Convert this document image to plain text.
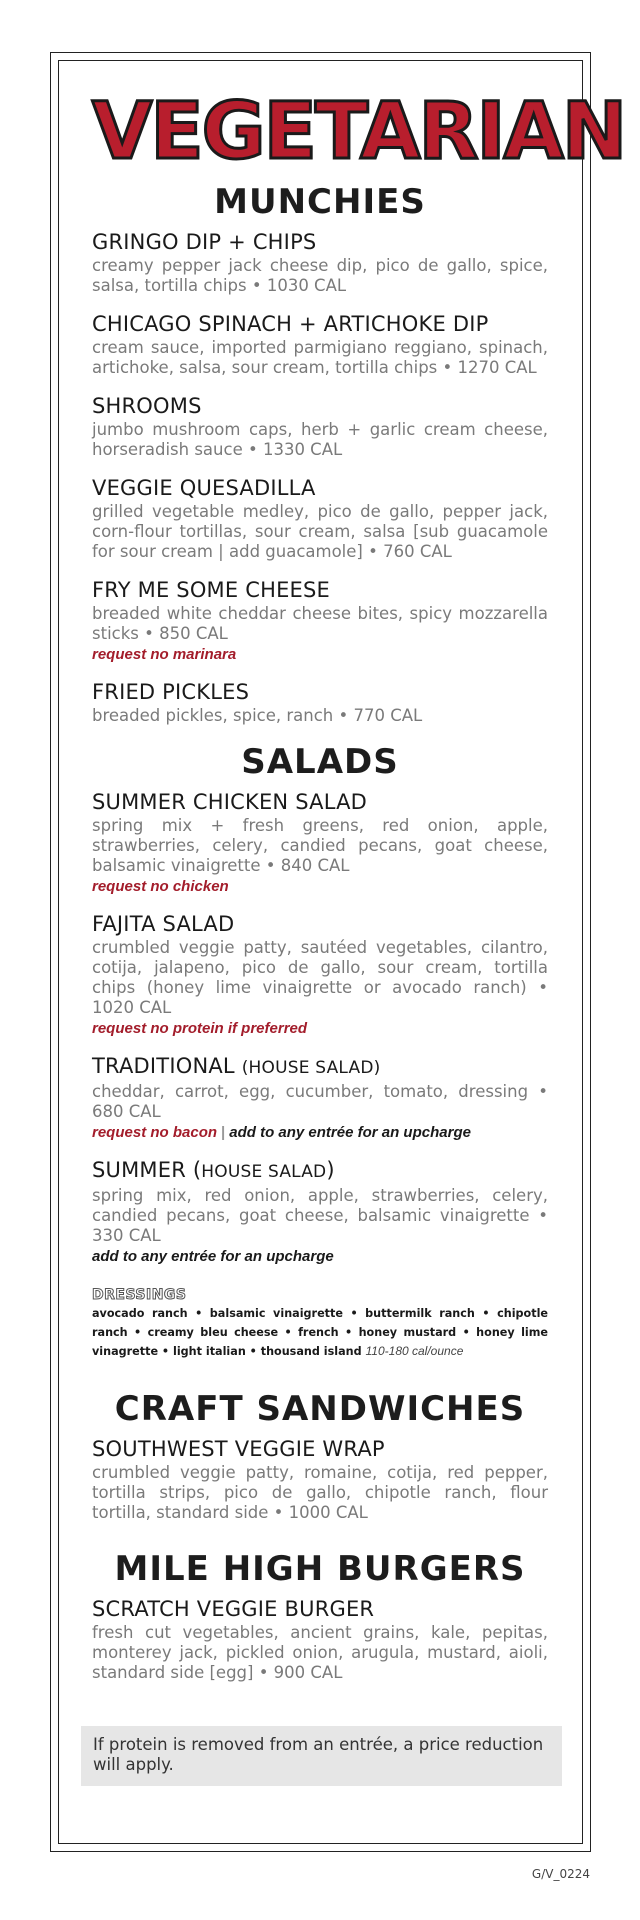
VEGETARIAN
MUNCHIES

GRINGO DIP + CHIPS

creamy pepper jack cheese dip, pico de gallo, spice, salsa, tortilla chips • 1030 CAL

CHICAGO SPINACH + ARTICHOKE DIP

cream sauce, imported parmigiano reggiano, spinach, artichoke, salsa, sour cream, tortilla chips • 1270 CAL

SHROOMS

jumbo mushroom caps, herb + garlic cream cheese, horseradish sauce • 1330 CAL

VEGGIE QUESADILLA

grilled vegetable medley, pico de gallo, pepper jack, corn-flour tortillas, sour cream, salsa [sub guacamole for sour cream | add guacamole] • 760 CAL

FRY ME SOME CHEESE

breaded white cheddar cheese bites, spicy mozzarella sticks • 850 CAL

request no marinara

FRIED PICKLES

breaded pickles, spice, ranch • 770 CAL

SALADS

SUMMER CHICKEN SALAD

spring mix + fresh greens, red onion, apple, strawberries, celery, candied pecans, goat cheese, balsamic vinaigrette • 840 CAL

request no chicken

FAJITA SALAD

crumbled veggie patty, sautéed vegetables, cilantro, cotija, jalapeno, pico de gallo, sour cream, tortilla chips (honey lime vinaigrette or avocado ranch) • 1020 CAL

request no protein if preferred

TRADITIONAL (HOUSE SALAD)

cheddar, carrot, egg, cucumber, tomato, dressing • 680 CAL

request no bacon | add to any entrée for an upcharge

SUMMER (HOUSE SALAD)

spring mix, red onion, apple, strawberries, celery, candied pecans, goat cheese, balsamic vinaigrette • 330 CAL

add to any entrée for an upcharge

DRESSINGS
avocado ranch • balsamic vinaigrette • buttermilk ranch • chipotle ranch • creamy bleu cheese • french • honey mustard • honey lime vinagrette • light italian • thousand island 110-180 cal/ounce
CRAFT SANDWICHES

SOUTHWEST VEGGIE WRAP

crumbled veggie patty, romaine, cotija, red pepper, tortilla strips, pico de gallo, chipotle ranch, flour tortilla, standard side • 1000 CAL

MILE HIGH BURGERS

SCRATCH VEGGIE BURGER

fresh cut vegetables, ancient grains, kale, pepitas, monterey jack, pickled onion, arugula, mustard, aioli, standard side [egg] • 900 CAL

If protein is removed from an entrée, a price reduction will apply.

G/V_0224
